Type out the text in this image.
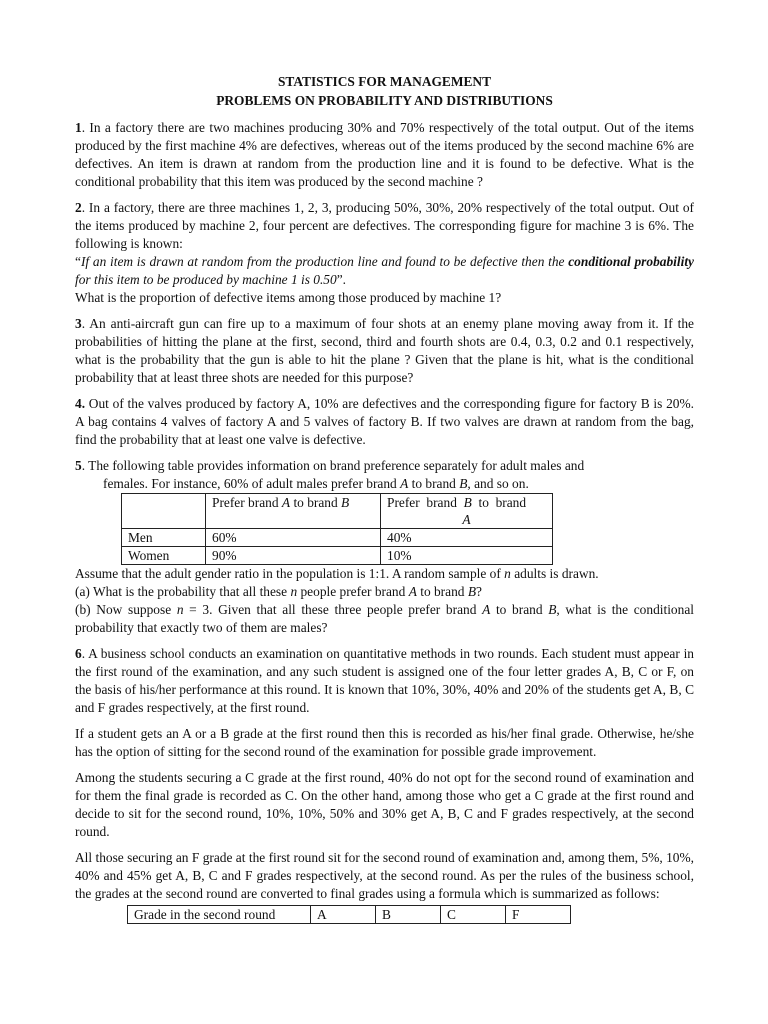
STATISTICS FOR MANAGEMENT
PROBLEMS ON PROBABILITY AND DISTRIBUTIONS

1. In a factory there are two machines producing 30% and 70% respectively of the total output. Out of the items produced by the first machine 4% are defectives, whereas out of the items produced by the second machine 6% are defectives. An item is drawn at random from the production line and it is found to be defective. What is the conditional probability that this item was produced by the second machine ?

2. In a factory, there are three machines 1, 2, 3, producing 50%, 30%, 20% respectively of the total output. Out of the items produced by machine 2, four percent are defectives. The corresponding figure for machine 3 is 6%. The following is known:

“If an item is drawn at random from the production line and found to be defective then the conditional probability for this item to be produced by machine 1 is 0.50”.

What is the proportion of defective items among those produced by machine 1?

3. An anti-aircraft gun can fire up to a maximum of four shots at an enemy plane moving away from it. If the probabilities of hitting the plane at the first, second, third and fourth shots are 0.4, 0.3, 0.2 and 0.1 respectively, what is the probability that the gun is able to hit the plane ? Given that the plane is hit, what is the conditional probability that at least three shots are needed for this purpose?

4. Out of the valves produced by factory A, 10% are defectives and the corresponding figure for factory B is 20%. A bag contains 4 valves of factory A and 5 valves of factory B. If two valves are drawn at random from the bag, find the probability that at least one valve is defective.

5. The following table provides information on brand preference separately for adult males and

females. For instance, 60% of adult males prefer brand A to brand B, and so on.

	Prefer brand A to brand B	Prefer  brand  B  to  brand

A

Men	60%	40%
Women	90%	10%

Assume that the adult gender ratio in the population is 1:1. A random sample of n adults is drawn.

(a) What is the probability that all these n people prefer brand A to brand B?

(b) Now suppose n = 3. Given that all these three people prefer brand A to brand B, what is the conditional probability that exactly two of them are males?

6. A business school conducts an examination on quantitative methods in two rounds. Each student must appear in the first round of the examination, and any such student is assigned one of the four letter grades A, B, C or F, on the basis of his/her performance at this round. It is known that 10%, 30%, 40% and 20% of the students get A, B, C and F grades respectively, at the first round.

If a student gets an A or a B grade at the first round then this is recorded as his/her final grade. Otherwise, he/she has the option of sitting for the second round of the examination for possible grade improvement.

Among the students securing a C grade at the first round, 40% do not opt for the second round of examination and for them the final grade is recorded as C. On the other hand, among those who get a C grade at the first round and decide to sit for the second round, 10%, 10%, 50% and 30% get A, B, C and F grades respectively, at the second round.

All those securing an F grade at the first round sit for the second round of examination and, among them, 5%, 10%, 40% and 45% get A, B, C and F grades respectively, at the second round. As per the rules of the business school, the grades at the second round are converted to final grades using a formula which is summarized as follows:

Grade in the second round	A	B	C	F
